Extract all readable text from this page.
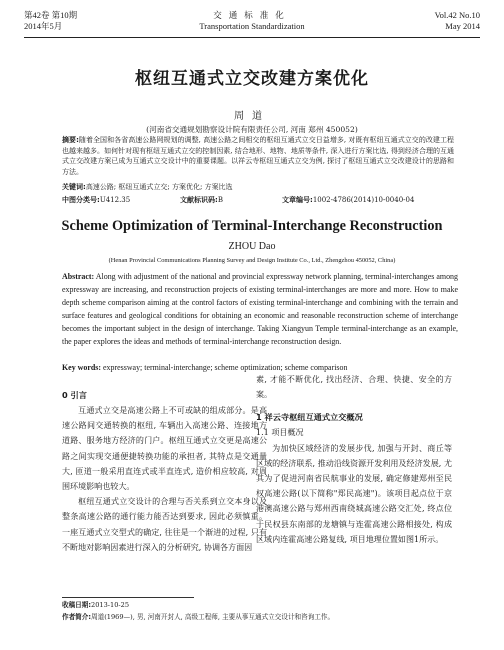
第42卷 第10期
2014年5月
交通标准化
Transportation Standardization
Vol.42 No.10
May 2014
枢纽互通式立交改建方案优化
周道
(河南省交通规划勘察设计院有限责任公司, 河南 郑州 450052)
摘要:随着全国和各省高速公路网规划的调整, 高速公路之间相交的枢纽互通式立交日益增多, 对既有枢纽互通式立交的改建工程也越来越多。如何针对现有枢纽互通式立交的控制因素, 结合地形、地物、地质等条件, 深入进行方案比选, 得到经济合理的互通式立交改建方案已成为互通式立交设计中的重要课题。以祥云寺枢纽互通式立交为例, 探讨了枢纽互通式立交改建设计的思路和方法。
关键词:高速公路; 枢纽互通式立交; 方案优化; 方案比选
中图分类号:U412.35	文献标识码:B	文章编号:1002-4786(2014)10-0040-04
Scheme Optimization of Terminal-Interchange Reconstruction
ZHOU Dao
(Henan Provincial Communications Planning Survey and Design Institute Co., Ltd., Zhengzhou 450052, China)
Abstract: Along with adjustment of the national and provincial expressway network planning, terminal-interchanges among expressway are increasing, and reconstruction projects of existing terminal-interchanges are more and more. How to make depth scheme comparison aiming at the control factors of existing terminal-interchange and combining with the terrain and surface features and geological conditions for obtaining an economic and reasonable reconstruction scheme of interchange becomes the important subject in the design of interchange. Taking Xiangyun Temple terminal-interchange as an example, the paper explores the ideas and methods of terminal-interchange reconstruction design.
Key words: expressway; terminal-interchange; scheme optimization; scheme comparison
0 引言
互通式立交是高速公路上不可或缺的组成部分。是高速公路间交通转换的枢纽, 车辆出入高速公路、连接地方道路、服务地方经济的门户。枢纽互通式立交更是高速公路之间实现交通便捷转换功能的承担者, 其特点是交通量大, 匝道一般采用直连式或半直连式, 造价相应较高, 对周围环境影响也较大。
枢纽互通式立交设计的合理与否关系到立交本身以及整条高速公路的通行能力能否达到要求, 因此必须慎重。一座互通式立交型式的确定, 往往是一个渐进的过程, 只有不断地对影响因素进行深入的分析研究, 协调各方面因
素, 才能不断优化, 找出经济、合理、快捷、安全的方案。
1 祥云寺枢纽互通式立交概况
1.1 项目概况
为加快区域经济的发展步伐, 加强与开封、商丘等区域的经济联系, 推动沿线资源开发利用及经济发展, 尤其为了促进河南省民航事业的发展, 确定修建郑州至民权高速公路(以下简称"郑民高速")。该项目起点位于京港澳高速公路与郑州西南绕城高速公路交汇处, 终点位于民权县东南部的龙塘镇与连霍高速公路相接处, 构成区域内连霍高速公路复线, 项目地理位置如图1所示。
收稿日期:2013-10-25
作者简介:周道(1969—), 男, 河南开封人, 高级工程师, 主要从事互通式立交设计和咨询工作。
